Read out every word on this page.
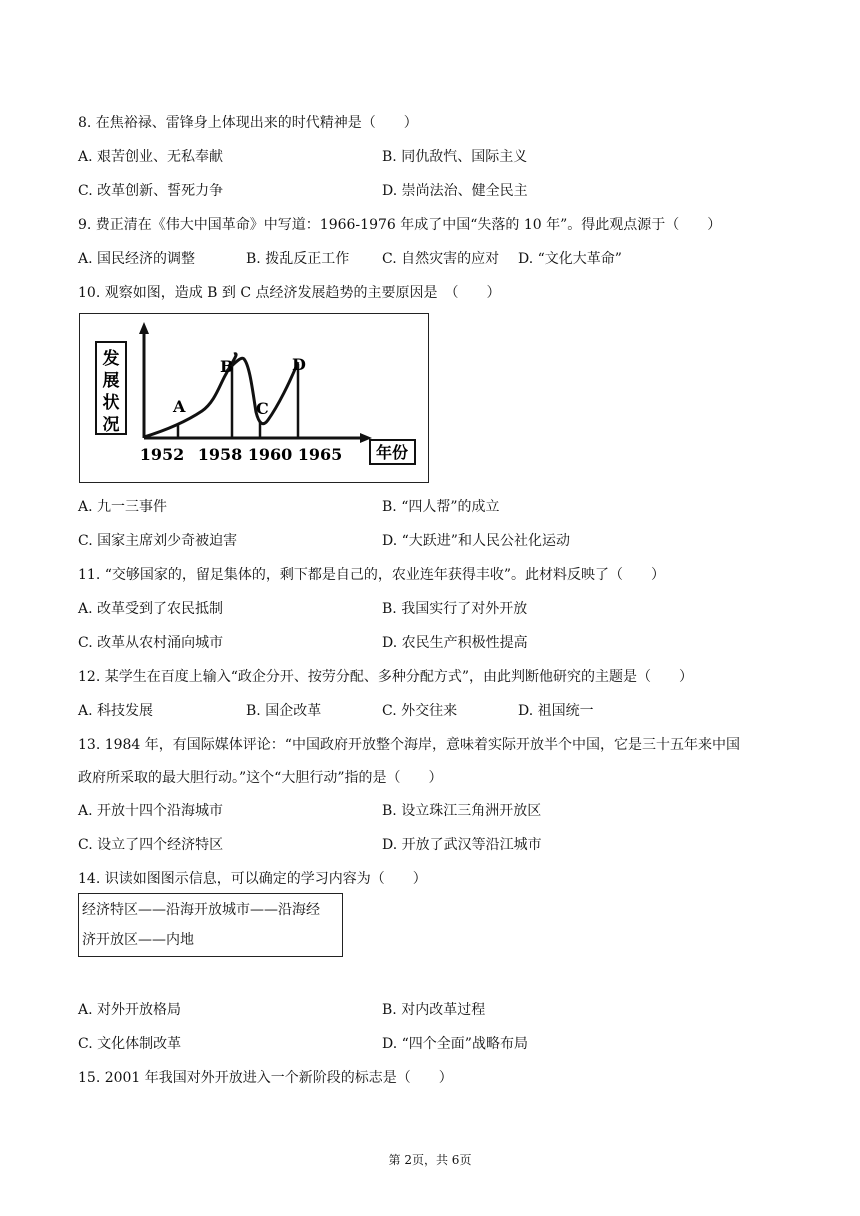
8. 在焦裕禄、雷锋身上体现出来的时代精神是（　　）
A. 艰苦创业、无私奉献	B. 同仇敌忾、国际主义
C. 改革创新、誓死力争	D. 崇尚法治、健全民主
9. 费正清在《伟大中国革命》中写道：1966-1976 年成了中国“失落的 10 年”。得此观点源于（　　）
A. 国民经济的调整	B. 拨乱反正工作 C. 自然灾害的应对 D. “文化大革命”
10. 观察如图，造成 B 到 C 点经济发展趋势的主要原因是　（　　）
发
展
状
况
年份
A
B
C
D
1952 1958 1960 1965
A. 九一三事件	B. “四人帮”的成立
C. 国家主席刘少奇被迫害	D. “大跃进”和人民公社化运动
11. “交够国家的，留足集体的，剩下都是自己的，农业连年获得丰收”。此材料反映了（　　）
A. 改革受到了农民抵制	B. 我国实行了对外开放
C. 改革从农村涌向城市	D. 农民生产积极性提高
12. 某学生在百度上输入“政企分开、按劳分配、多种分配方式”，由此判断他研究的主题是（　　）
A. 科技发展	B. 国企改革	C. 外交往来	D. 祖国统一
13. 1984 年，有国际媒体评论：“中国政府开放整个海岸，意味着实际开放半个中国，它是三十五年来中国
政府所采取的最大胆行动。”这个“大胆行动”指的是（　　）
A. 开放十四个沿海城市	B. 设立珠江三角洲开放区
C. 设立了四个经济特区	D. 开放了武汉等沿江城市
14. 识读如图图示信息，可以确定的学习内容为（　　）
经济特区——沿海开放城市——沿海经
济开放区——内地
A. 对外开放格局	B. 对内改革过程
C. 文化体制改革	D. “四个全面”战略布局
15. 2001 年我国对外开放进入一个新阶段的标志是（　　）
第 2页，共 6页
